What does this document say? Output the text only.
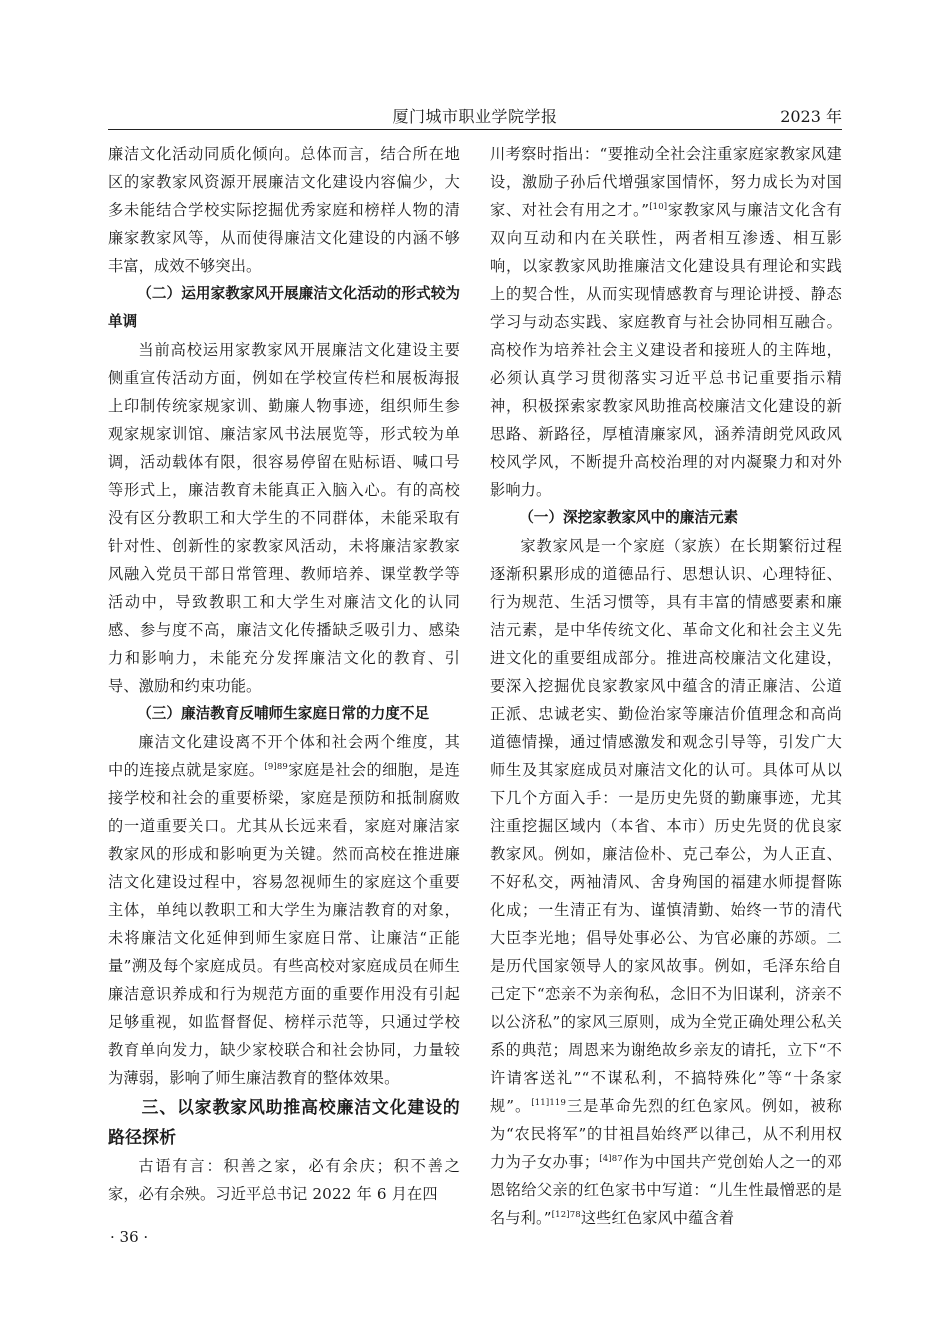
厦门城市职业学院学报	2023 年

廉洁文化活动同质化倾向。总体而言，结合所在地区的家教家风资源开展廉洁文化建设内容偏少，大多未能结合学校实际挖掘优秀家庭和榜样人物的清廉家教家风等，从而使得廉洁文化建设的内涵不够丰富，成效不够突出。

（二）运用家教家风开展廉洁文化活动的形式较为单调

当前高校运用家教家风开展廉洁文化建设主要侧重宣传活动方面，例如在学校宣传栏和展板海报上印制传统家规家训、勤廉人物事迹，组织师生参观家规家训馆、廉洁家风书法展览等，形式较为单调，活动载体有限，很容易停留在贴标语、喊口号等形式上，廉洁教育未能真正入脑入心。有的高校没有区分教职工和大学生的不同群体，未能采取有针对性、创新性的家教家风活动，未将廉洁家教家风融入党员干部日常管理、教师培养、课堂教学等活动中，导致教职工和大学生对廉洁文化的认同感、参与度不高，廉洁文化传播缺乏吸引力、感染力和影响力，未能充分发挥廉洁文化的教育、引导、激励和约束功能。

（三）廉洁教育反哺师生家庭日常的力度不足

廉洁文化建设离不开个体和社会两个维度，其中的连接点就是家庭。$^{[9]89}$家庭是社会的细胞，是连接学校和社会的重要桥梁，家庭是预防和抵制腐败的一道重要关口。尤其从长远来看，家庭对廉洁家教家风的形成和影响更为关键。然而高校在推进廉洁文化建设过程中，容易忽视师生的家庭这个重要主体，单纯以教职工和大学生为廉洁教育的对象，未将廉洁文化延伸到师生家庭日常、让廉洁“正能量”溯及每个家庭成员。有些高校对家庭成员在师生廉洁意识养成和行为规范方面的重要作用没有引起足够重视，如监督督促、榜样示范等，只通过学校教育单向发力，缺少家校联合和社会协同，力量较为薄弱，影响了师生廉洁教育的整体效果。

三、以家教家风助推高校廉洁文化建设的路径探析

古语有言：积善之家，必有余庆；积不善之家，必有余殃。习近平总书记 2022 年 6 月在四

川考察时指出：“要推动全社会注重家庭家教家风建设，激励子孙后代增强家国情怀，努力成长为对国家、对社会有用之才。”[10]家教家风与廉洁文化含有双向互动和内在关联性，两者相互渗透、相互影响，以家教家风助推廉洁文化建设具有理论和实践上的契合性，从而实现情感教育与理论讲授、静态学习与动态实践、家庭教育与社会协同相互融合。高校作为培养社会主义建设者和接班人的主阵地，必须认真学习贯彻落实习近平总书记重要指示精神，积极探索家教家风助推高校廉洁文化建设的新思路、新路径，厚植清廉家风，涵养清朗党风政风校风学风，不断提升高校治理的对内凝聚力和对外影响力。

（一）深挖家教家风中的廉洁元素

家教家风是一个家庭（家族）在长期繁衍过程逐渐积累形成的道德品行、思想认识、心理特征、行为规范、生活习惯等，具有丰富的情感要素和廉洁元素，是中华传统文化、革命文化和社会主义先进文化的重要组成部分。推进高校廉洁文化建设，要深入挖掘优良家教家风中蕴含的清正廉洁、公道正派、忠诚老实、勤俭治家等廉洁价值理念和高尚道德情操，通过情感激发和观念引导等，引发广大师生及其家庭成员对廉洁文化的认可。具体可从以下几个方面入手：一是历史先贤的勤廉事迹，尤其注重挖掘区域内（本省、本市）历史先贤的优良家教家风。例如，廉洁俭朴、克己奉公，为人正直、不好私交，两袖清风、舍身殉国的福建水师提督陈化成；一生清正有为、谨慎清勤、始终一节的清代大臣李光地；倡导处事必公、为官必廉的苏颂。二是历代国家领导人的家风故事。例如，毛泽东给自己定下“恋亲不为亲徇私，念旧不为旧谋利，济亲不以公济私”的家风三原则，成为全党正确处理公私关系的典范；周恩来为谢绝故乡亲友的请托，立下“不许请客送礼”“不谋私利，不搞特殊化”等“十条家规”。$^{[11]119}$三是革命先烈的红色家风。例如，被称为“农民将军”的甘祖昌始终严以律己，从不利用权力为子女办事；$^{[4]87}$作为中国共产党创始人之一的邓恩铭给父亲的红色家书中写道：“儿生性最憎恶的是名与利。”$^{[12]78}$这些红色家风中蕴含着

· 36 ·
